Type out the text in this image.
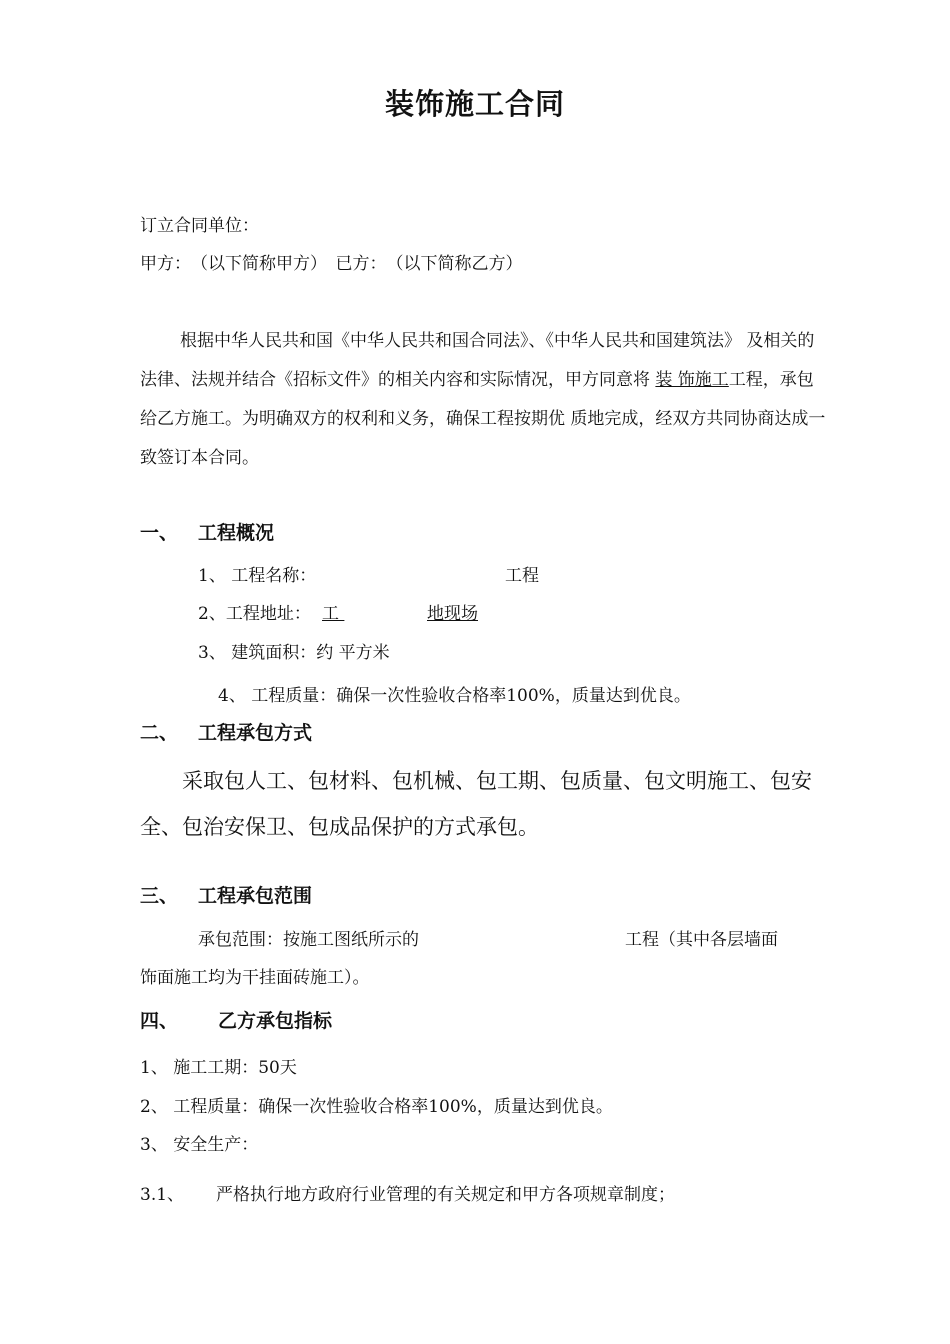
装饰施工合同
订立合同单位：
甲方：　（以下简称甲方）　已方：　（以下简称乙方）
根据中华人民共和国《中华人民共和国合同法》、《中华人民共和国建筑法》 及相关的法律、法规并结合《招标文件》的相关内容和实际情况，甲方同意将 装 饰施工工程，承包给乙方施工。为明确双方的权利和义务，确保工程按期优 质地完成，经双方共同协商达成一致签订本合同。
一、 工程概况
1、 工程名称：	工程
2、工程地址： 工	地现场
3、 建筑面积：约 平方米
4、 工程质量：确保一次性验收合格率100%，质量达到优良。
二、 工程承包方式
采取包人工、包材料、包机械、包工期、包质量、包文明施工、包安全、包治安保卫、包成品保护的方式承包。
三、 工程承包范围
承包范围：按施工图纸所示的	工程（其中各层墙面
饰面施工均为干挂面砖施工）。
四、 乙方承包指标
1、 施工工期：50天
2、 工程质量：确保一次性验收合格率100%，质量达到优良。
3、 安全生产：
3.1、 严格执行地方政府行业管理的有关规定和甲方各项规章制度；
